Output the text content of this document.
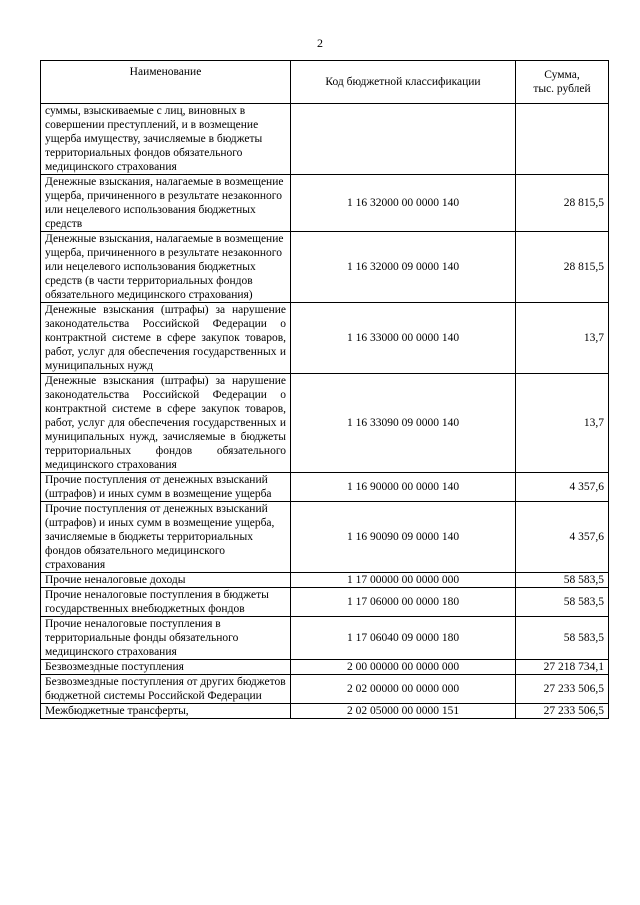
2
Наименование	Код бюджетной классификации	Сумма,
тыс. рублей
суммы, взыскиваемые с лиц, виновных в совершении преступлений, и в возмещение ущерба имуществу, зачисляемые в бюджеты территориальных фондов обязательного медицинского страхования		
Денежные взыскания, налагаемые в возмещение ущерба, причиненного в результате незаконного или нецелевого использования бюджетных средств	1 16 32000 00 0000 140	28 815,5
Денежные взыскания, налагаемые в возмещение ущерба, причиненного в результате незаконного или нецелевого использования бюджетных средств (в части территориальных фондов обязательного медицинского страхования)	1 16 32000 09 0000 140	28 815,5
Денежные взыскания (штрафы) за нарушение законодательства Российской Федерации о контрактной системе в сфере закупок товаров, работ, услуг для обеспечения государственных и муниципальных нужд	1 16 33000 00 0000 140	13,7
Денежные взыскания (штрафы) за нарушение законодательства Российской Федерации о контрактной системе в сфере закупок товаров, работ, услуг для обеспечения государственных и муниципальных нужд, зачисляемые в бюджеты территориальных фондов обязательного медицинского страхования	1 16 33090 09 0000 140	13,7
Прочие поступления от денежных взысканий (штрафов) и иных сумм в возмещение ущерба	1 16 90000 00 0000 140	4 357,6
Прочие поступления от денежных взысканий (штрафов) и иных сумм в возмещение ущерба, зачисляемые в бюджеты территориальных фондов обязательного медицинского страхования	1 16 90090 09 0000 140	4 357,6
Прочие неналоговые доходы	1 17 00000 00 0000 000	58 583,5
Прочие неналоговые поступления в бюджеты государственных внебюджетных фондов	1 17 06000 00 0000 180	58 583,5
Прочие неналоговые поступления в территориальные фонды обязательного медицинского страхования	1 17 06040 09 0000 180	58 583,5
Безвозмездные поступления	2 00 00000 00 0000 000	27 218 734,1
Безвозмездные поступления от других бюджетов бюджетной системы Российской Федерации	2 02 00000 00 0000 000	27 233 506,5
Межбюджетные трансферты,	2 02 05000 00 0000 151	27 233 506,5
